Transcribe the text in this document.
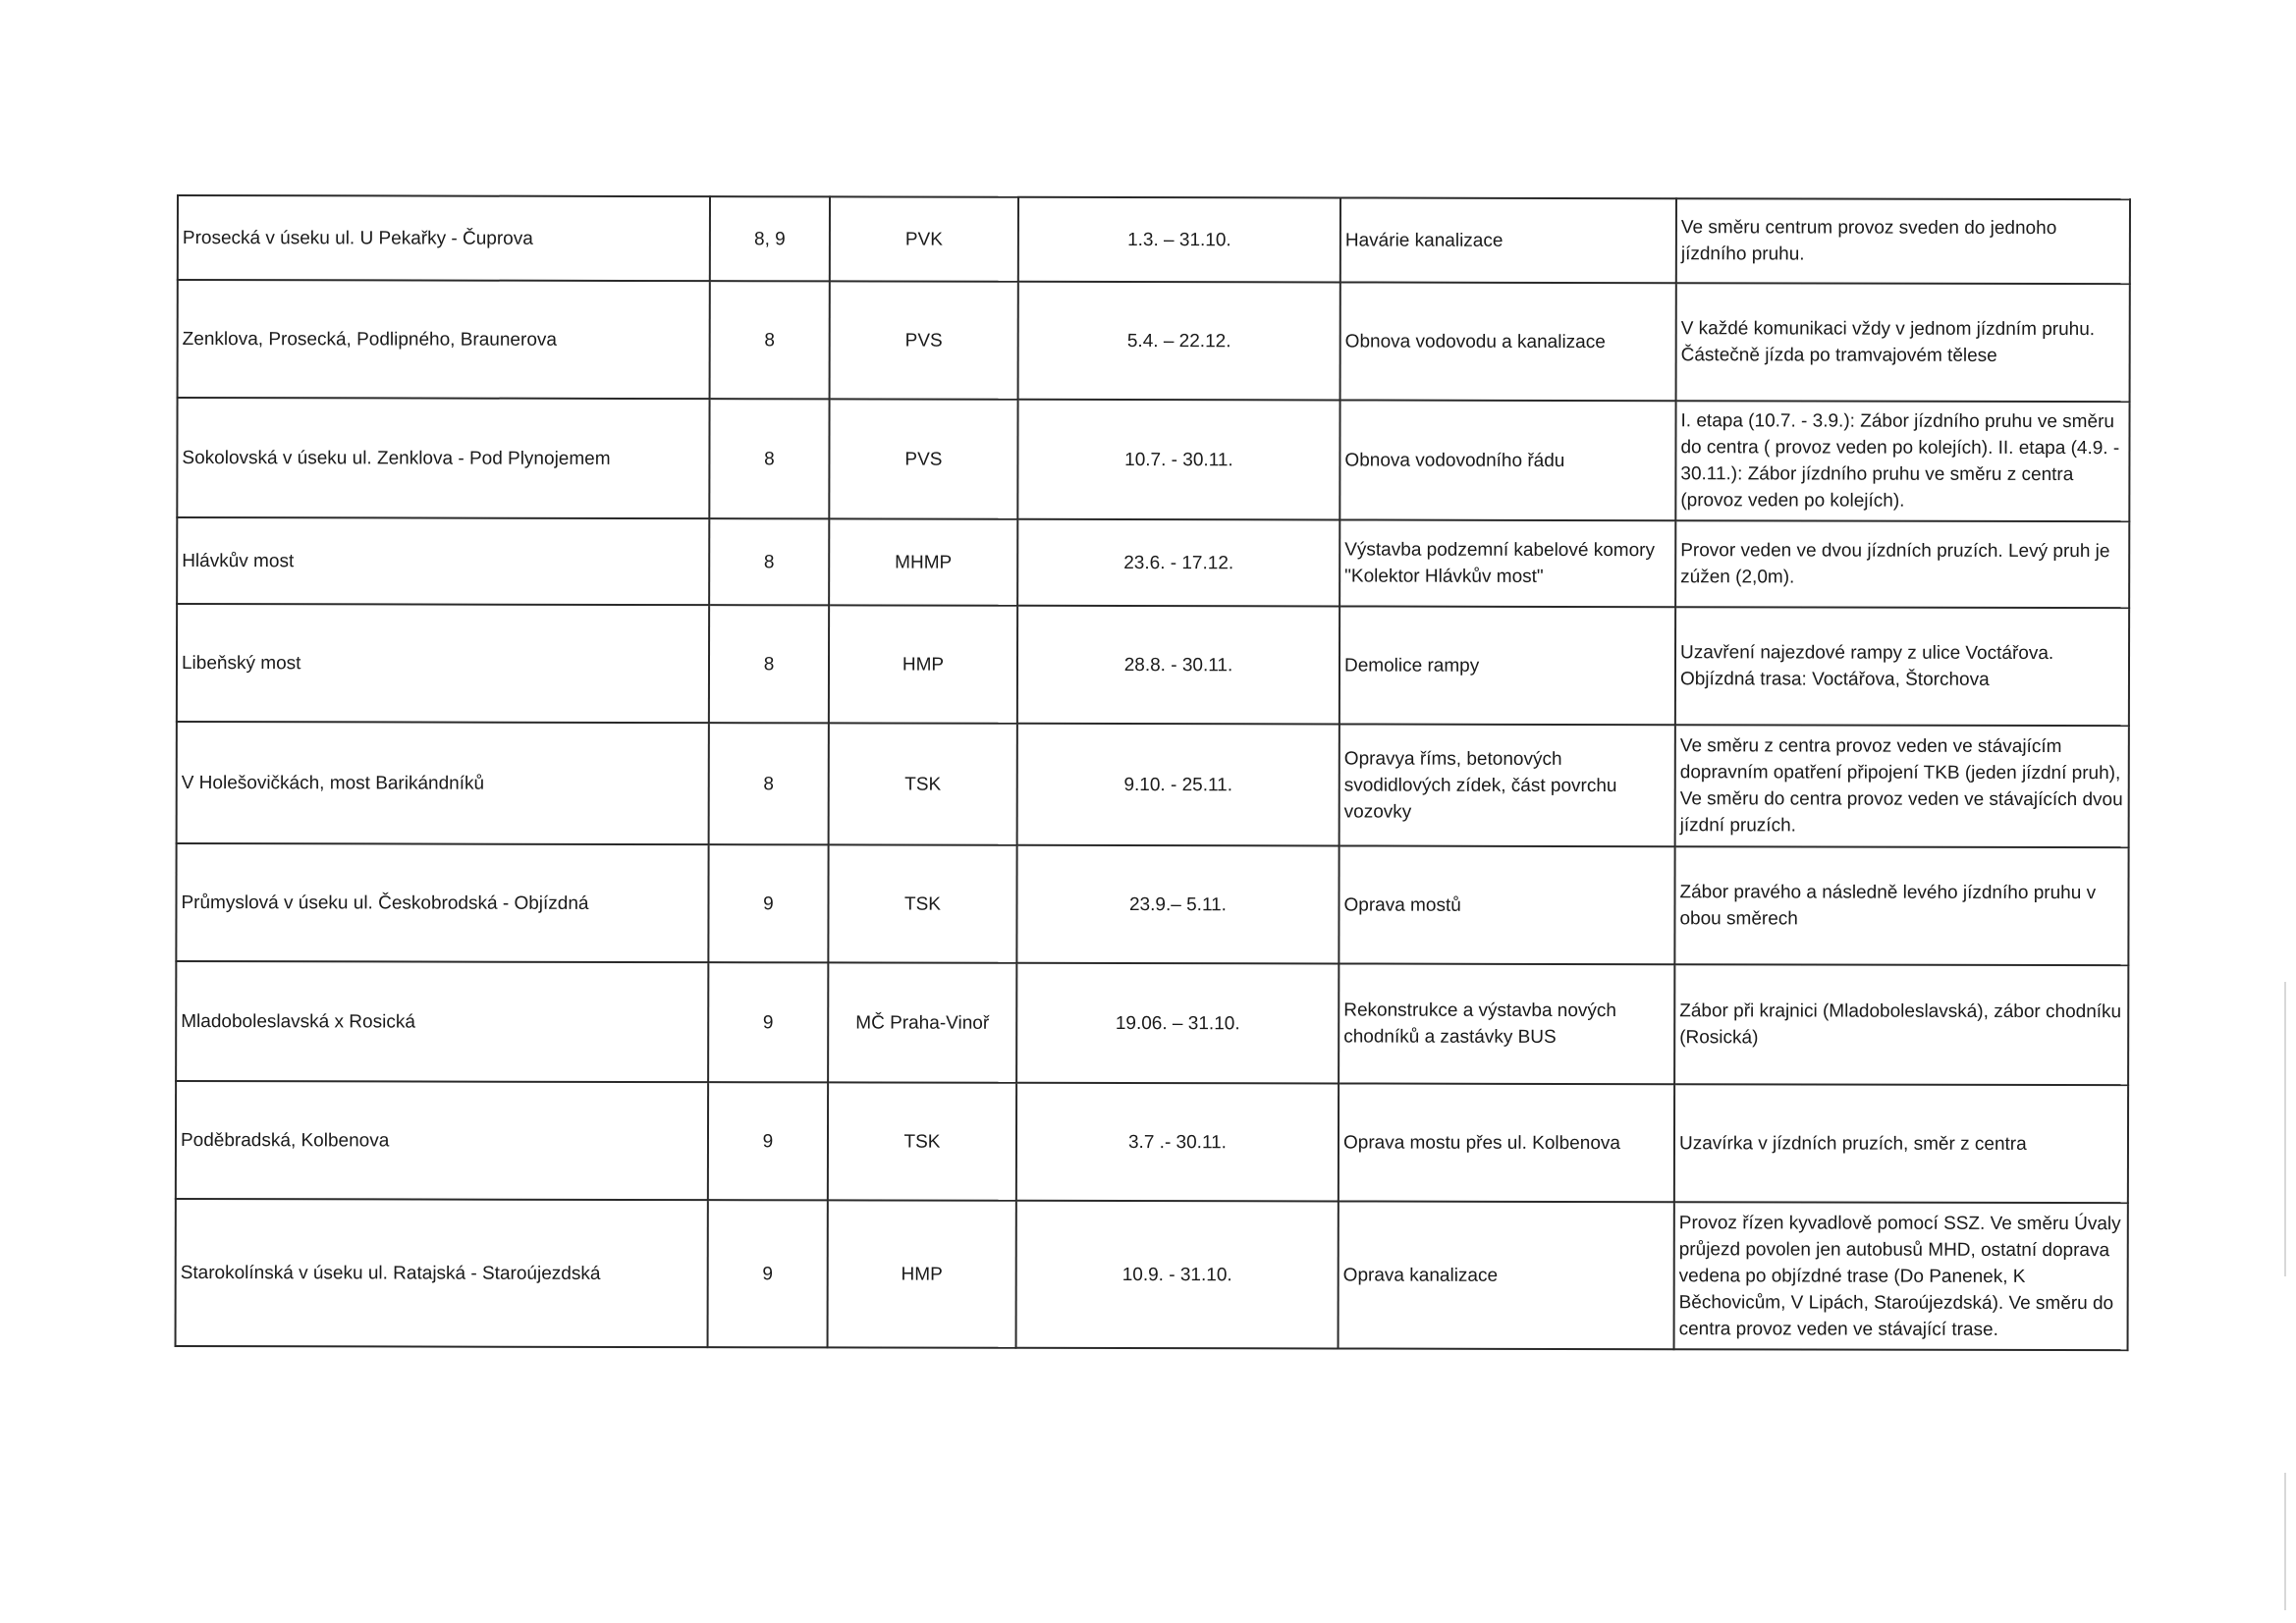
Prosecká v úseku ul. U Pekařky - Čuprova	8, 9	PVK	1.3. – 31.10.	Havárie kanalizace	Ve směru centrum provoz sveden do jednoho jízdního pruhu.
Zenklova, Prosecká, Podlipného, Braunerova	8	PVS	5.4. – 22.12.	Obnova vodovodu a kanalizace	V každé komunikaci vždy v jednom jízdním pruhu. Částečně jízda po tramvajovém tělese
Sokolovská v úseku ul. Zenklova - Pod Plynojemem	8	PVS	10.7. - 30.11.	Obnova vodovodního řádu	I. etapa (10.7. - 3.9.): Zábor jízdního pruhu ve směru do centra ( provoz veden po kolejích). II. etapa (4.9. - 30.11.): Zábor jízdního pruhu ve směru z centra (provoz veden po kolejích).
Hlávkův most	8	MHMP	23.6. - 17.12.	Výstavba podzemní kabelové komory "Kolektor Hlávkův most"	Provor veden ve dvou jízdních pruzích. Levý pruh je zúžen (2,0m).
Libeňský most	8	HMP	28.8. - 30.11.	Demolice rampy	Uzavření najezdové rampy z ulice Voctářova. Objízdná trasa: Voctářova, Štorchova
V Holešovičkách, most Barikándníků	8	TSK	9.10. - 25.11.	Opravya říms, betonových svodidlových zídek, část povrchu vozovky	Ve směru z centra provoz veden ve stávajícím dopravním opatření připojení TKB (jeden jízdní pruh), Ve směru do centra provoz veden ve stávajících dvou jízdní pruzích.
Průmyslová v úseku ul. Českobrodská - Objízdná	9	TSK	23.9.– 5.11.	Oprava mostů	Zábor pravého a následně levého jízdního pruhu v obou směrech
Mladoboleslavská x Rosická	9	MČ Praha-Vinoř	19.06. – 31.10.	Rekonstrukce a výstavba nových chodníků a zastávky BUS	Zábor při krajnici (Mladoboleslavská), zábor chodníku (Rosická)
Poděbradská, Kolbenova	9	TSK	3.7 .- 30.11.	Oprava mostu přes ul. Kolbenova	Uzavírka v jízdních pruzích, směr z centra
Starokolínská v úseku ul. Ratajská - Staroújezdská	9	HMP	10.9. - 31.10.	Oprava kanalizace	Provoz řízen kyvadlově pomocí SSZ. Ve směru Úvaly průjezd povolen jen autobusů MHD, ostatní doprava vedena po objízdné trase (Do Panenek, K Běchovicům, V Lipách, Staroújezdská). Ve směru do centra provoz veden ve stávající trase.
